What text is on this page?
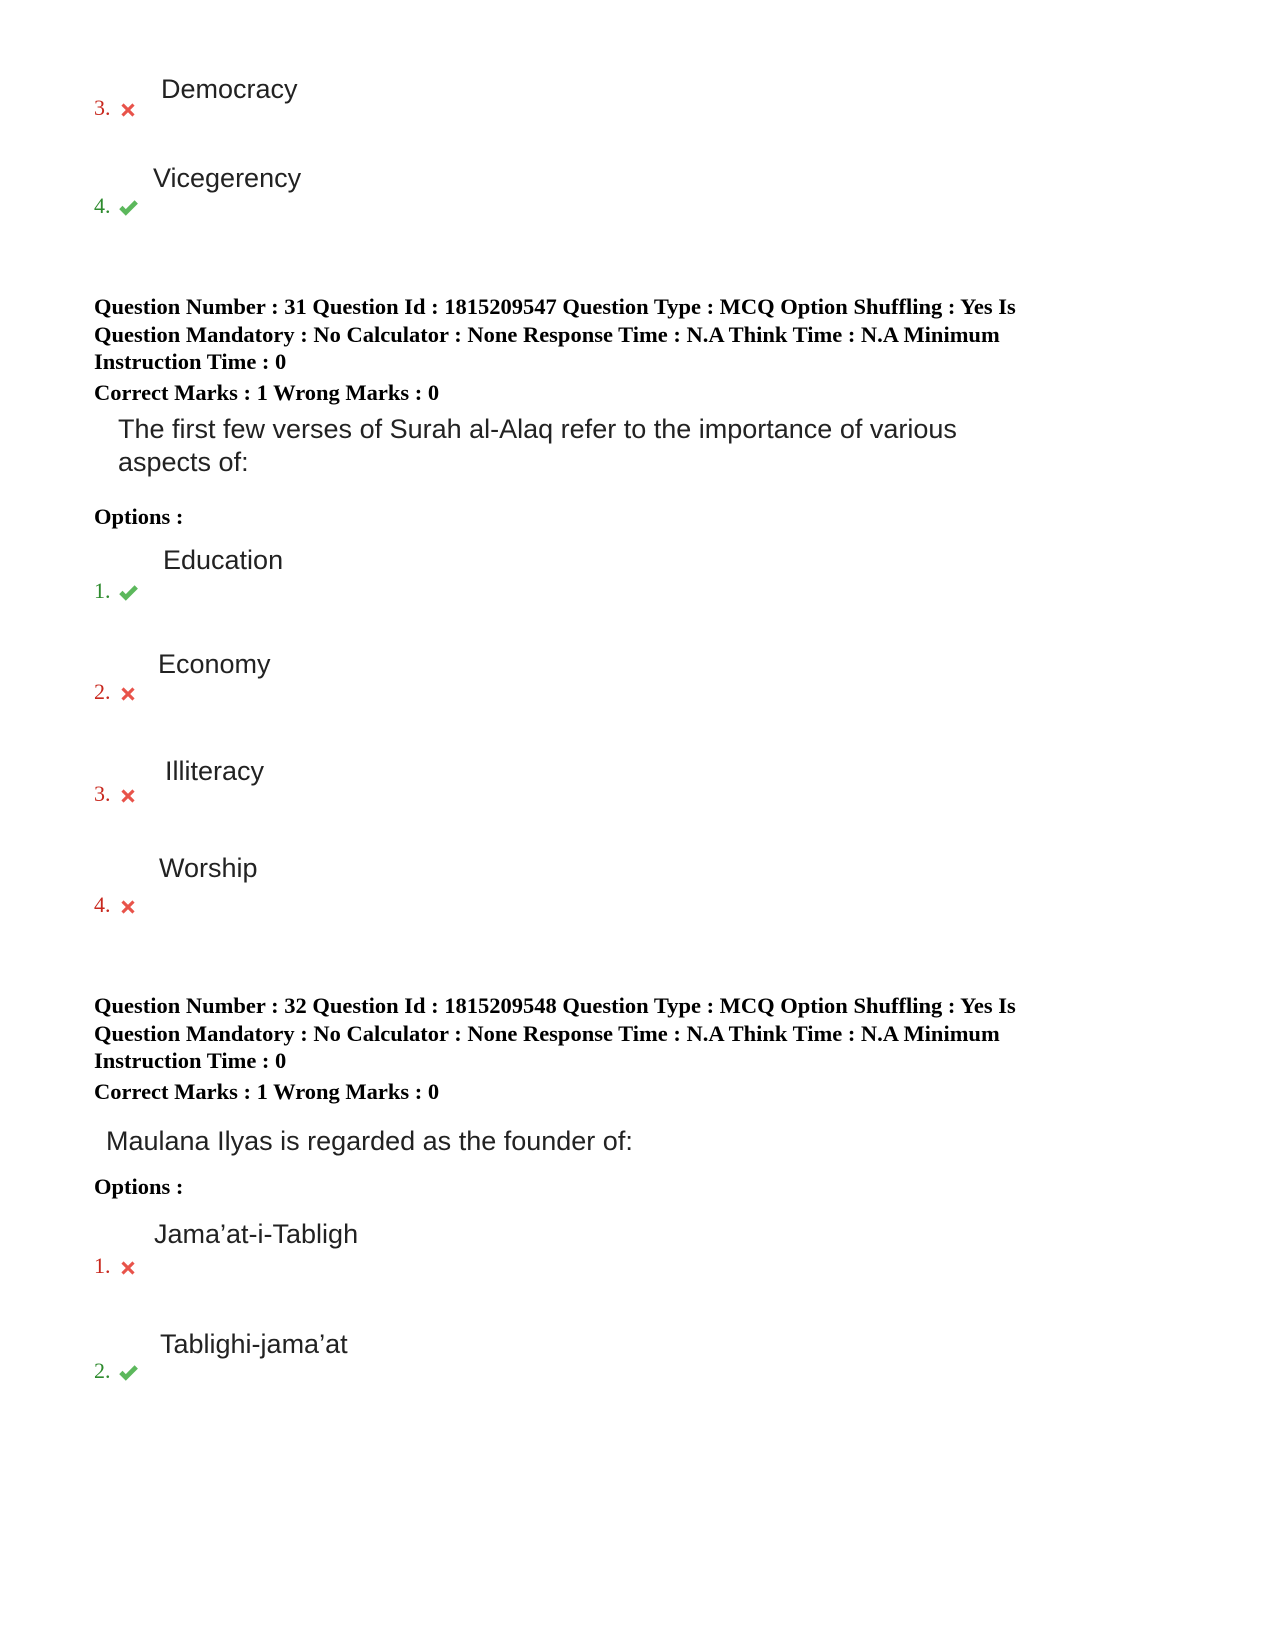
Democracy
3.
Vicegerency
4.
Question Number : 31 Question Id : 1815209547 Question Type : MCQ Option Shuffling : Yes Is
Question Mandatory : No Calculator : None Response Time : N.A Think Time : N.A Minimum
Instruction Time : 0
Correct Marks : 1 Wrong Marks : 0
The first few verses of Surah al-Alaq refer to the importance of various
aspects of:
Options :
Education
1.
Economy
2.
Illiteracy
3.
Worship
4.
Question Number : 32 Question Id : 1815209548 Question Type : MCQ Option Shuffling : Yes Is
Question Mandatory : No Calculator : None Response Time : N.A Think Time : N.A Minimum
Instruction Time : 0
Correct Marks : 1 Wrong Marks : 0
Maulana Ilyas is regarded as the founder of:
Options :
Jama’at-i-Tabligh
1.
Tablighi-jama’at
2.
